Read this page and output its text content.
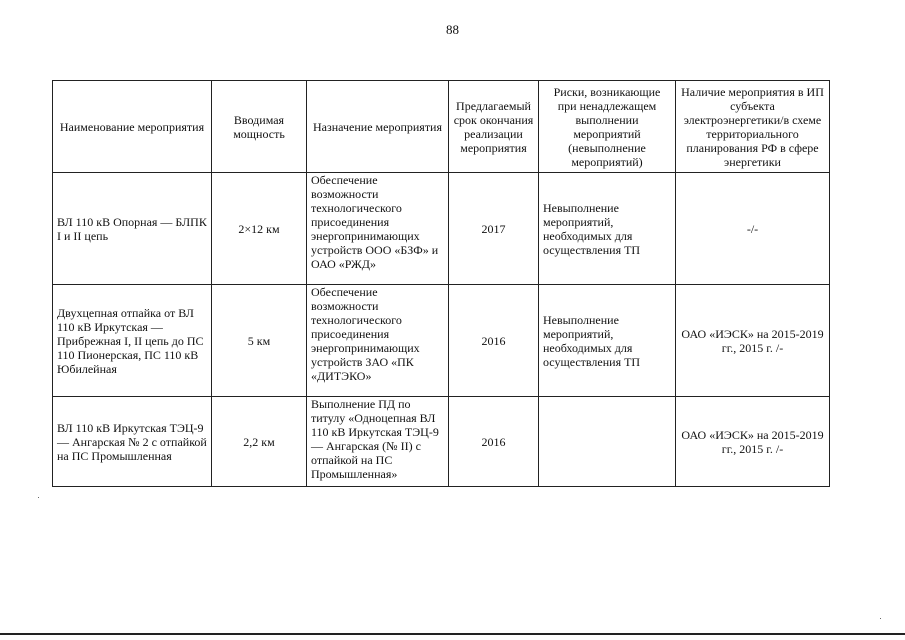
88
Наименование мероприятия	Вводимая мощность	Назначение мероприятия	Предлагаемый срок окончания реализации мероприятия	Риски, возникающие при ненадлежащем выполнении мероприятий (невыполнение мероприятий)	Наличие мероприятия в ИП субъекта электроэнергетики/в схеме территориального планирования РФ в сфере энергетики
ВЛ 110 кВ Опорная — БЛПК I и II цепь	2×12 км	Обеспечение возможности технологического присоединения энергопринимающих устройств ООО «БЗФ» и ОАО «РЖД»	2017	Невыполнение мероприятий, необходимых для осуществления ТП	-/-
Двухцепная отпайка от ВЛ 110 кВ Иркутская — Прибрежная I, II цепь до ПС 110 Пионерская, ПС 110 кВ Юбилейная	5 км	Обеспечение возможности технологического присоединения энергопринимающих устройств ЗАО «ПК «ДИТЭКО»	2016	Невыполнение мероприятий, необходимых для осуществления ТП	ОАО «ИЭСК» на 2015-2019 гг., 2015 г. /-
ВЛ 110 кВ Иркутская ТЭЦ-9 — Ангарская № 2 с отпайкой на ПС Промышленная	2,2 км	Выполнение ПД по титулу «Одноцепная ВЛ 110 кВ Иркутская ТЭЦ-9 — Ангарская (№ II) с отпайкой на ПС Промышленная»	2016		ОАО «ИЭСК» на 2015-2019 гг., 2015 г. /-
